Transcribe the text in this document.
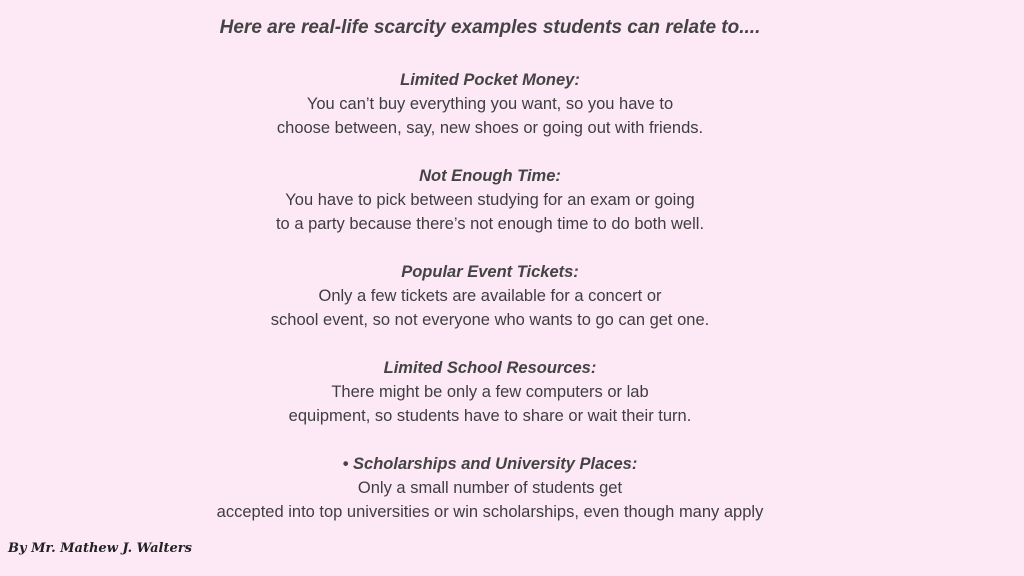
Here are real-life scarcity examples students can relate to....
Limited Pocket Money:
You can’t buy everything you want, so you have to
choose between, say, new shoes or going out with friends.
Not Enough Time:
You have to pick between studying for an exam or going
to a party because there’s not enough time to do both well.
Popular Event Tickets:
Only a few tickets are available for a concert or
school event, so not everyone who wants to go can get one.
Limited School Resources:
There might be only a few computers or lab
equipment, so students have to share or wait their turn.
• Scholarships and University Places:
Only a small number of students get
accepted into top universities or win scholarships, even though many apply
By Mr. Mathew J. Walters
